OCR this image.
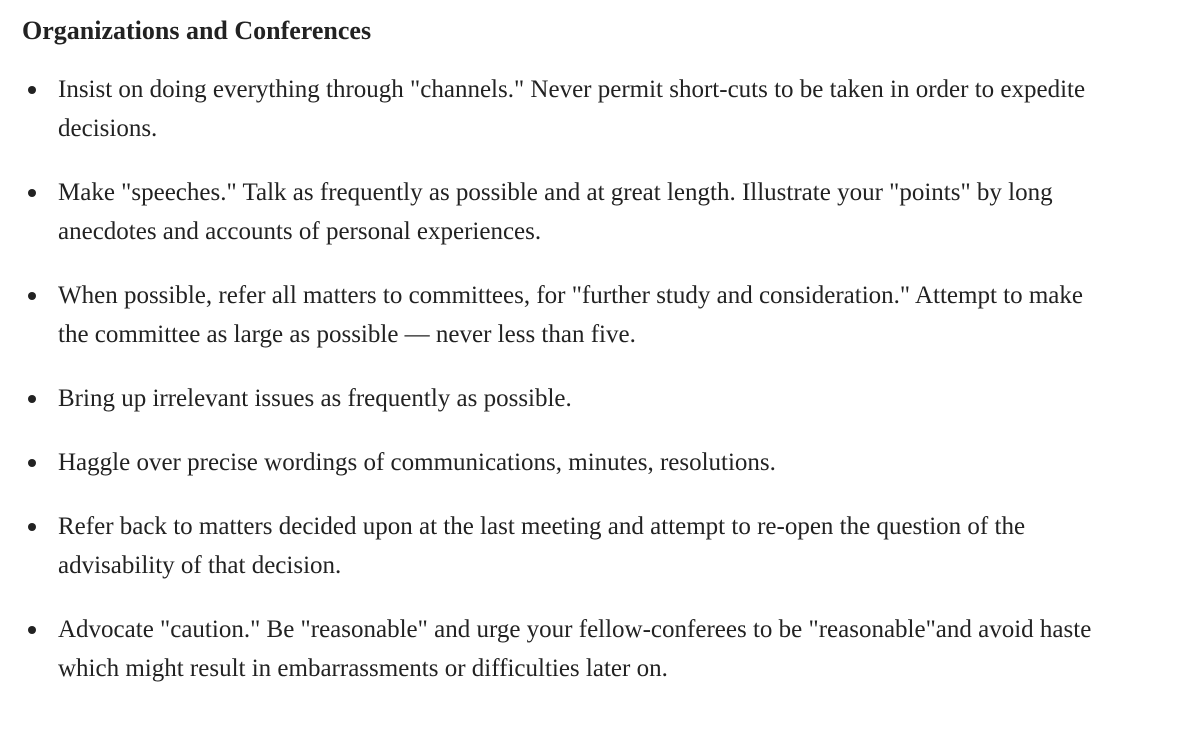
Organizations and Conferences
Insist on doing everything through "channels." Never permit short-cuts to be taken in order to expedite decisions.
Make "speeches." Talk as frequently as possible and at great length. Illustrate your "points" by long anecdotes and accounts of personal experiences.
When possible, refer all matters to committees, for "further study and consideration." Attempt to make the committee as large as possible — never less than five.
Bring up irrelevant issues as frequently as possible.
Haggle over precise wordings of communications, minutes, resolutions.
Refer back to matters decided upon at the last meeting and attempt to re-open the question of the advisability of that decision.
Advocate "caution." Be "reasonable" and urge your fellow-conferees to be "reasonable"and avoid haste which might result in embarrassments or difficulties later on.
